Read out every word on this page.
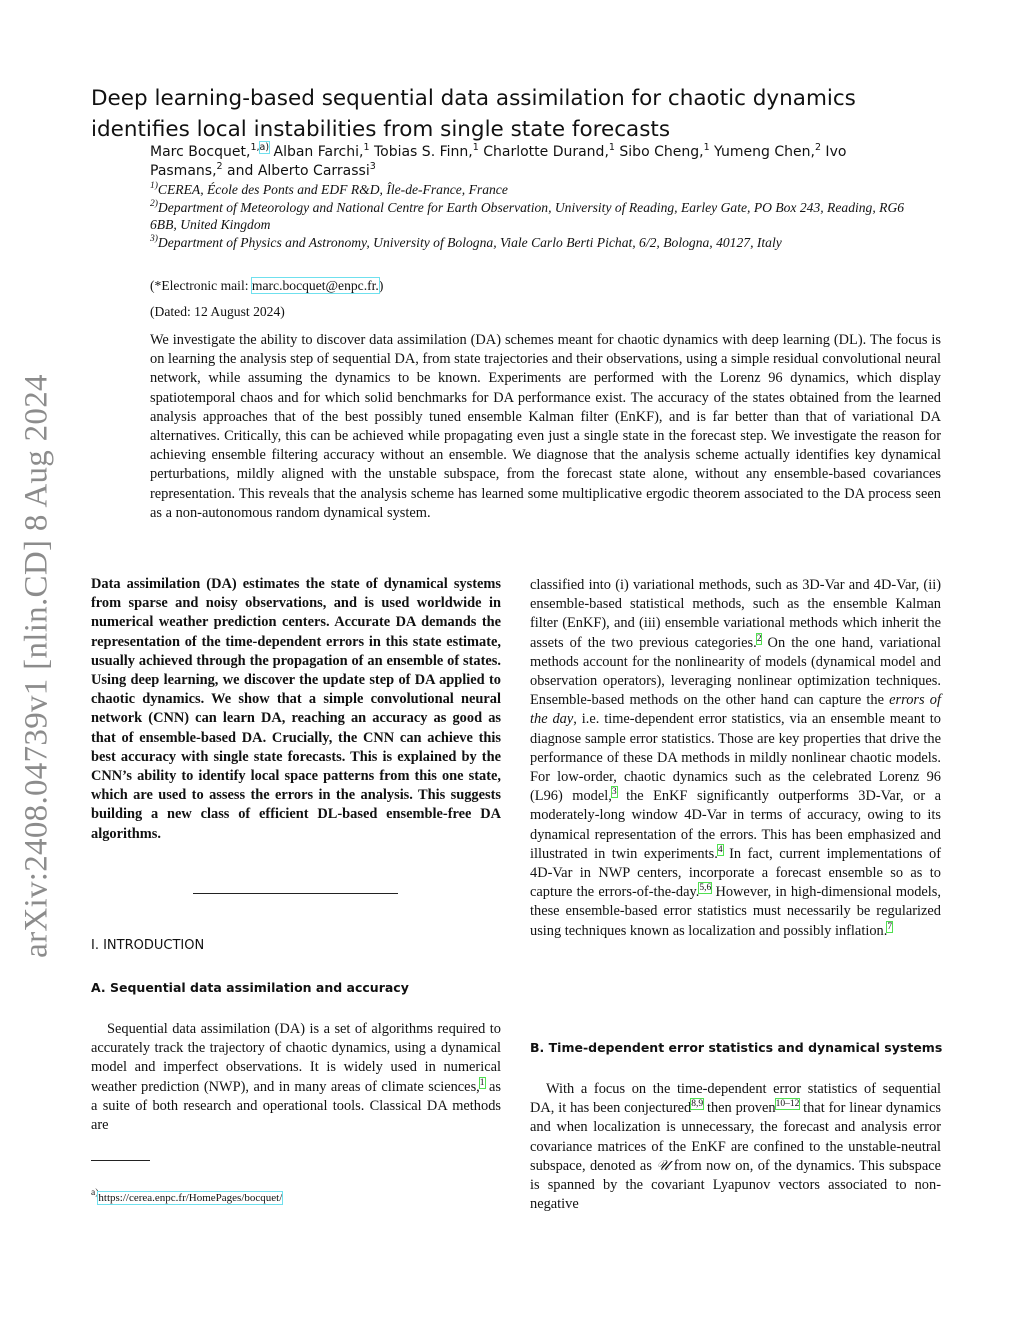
arXiv:2408.04739v1 [nlin.CD] 8 Aug 2024
Deep learning-based sequential data assimilation for chaotic dynamics identifies local instabilities from single state forecasts
Marc Bocquet,$^{1,a)}$ Alban Farchi,$^1$ Tobias S. Finn,$^1$ Charlotte Durand,$^1$ Sibo Cheng,$^1$ Yumeng Chen,$^2$ Ivo Pasmans,$^2$ and Alberto Carrassi$^3$

$^{1)}$CEREA, École des Ponts and EDF R&D, Île-de-France, France

$^{2)}$Department of Meteorology and National Centre for Earth Observation, University of Reading, Earley Gate, PO Box 243, Reading, RG6 6BB, United Kingdom

$^{3)}$Department of Physics and Astronomy, University of Bologna, Viale Carlo Berti Pichat, 6/2, Bologna, 40127, Italy

(*Electronic mail: marc.bocquet@enpc.fr.)
(Dated: 12 August 2024)

We investigate the ability to discover data assimilation (DA) schemes meant for chaotic dynamics with deep learning (DL). The focus is on learning the analysis step of sequential DA, from state trajectories and their observations, using a simple residual convolutional neural network, while assuming the dynamics to be known. Experiments are performed with the Lorenz 96 dynamics, which display spatiotemporal chaos and for which solid benchmarks for DA performance exist. The accuracy of the states obtained from the learned analysis approaches that of the best possibly tuned ensemble Kalman filter (EnKF), and is far better than that of variational DA alternatives. Critically, this can be achieved while propagating even just a single state in the forecast step. We investigate the reason for achieving ensemble filtering accuracy without an ensemble. We diagnose that the analysis scheme actually identifies key dynamical perturbations, mildly aligned with the unstable subspace, from the forecast state alone, without any ensemble-based covariances representation. This reveals that the analysis scheme has learned some multiplicative ergodic theorem associated to the DA process seen as a non-autonomous random dynamical system.

Data assimilation (DA) estimates the state of dynamical systems from sparse and noisy observations, and is used worldwide in numerical weather prediction centers. Accurate DA demands the representation of the time-dependent errors in this state estimate, usually achieved through the propagation of an ensemble of states. Using deep learning, we discover the update step of DA applied to chaotic dynamics. We show that a simple convolutional neural network (CNN) can learn DA, reaching an accuracy as good as that of ensemble-based DA. Crucially, the CNN can achieve this best accuracy with single state forecasts. This is explained by the CNN’s ability to identify local space patterns from this one state, which are used to assess the errors in the analysis. This suggests building a new class of efficient DL-based ensemble-free DA algorithms.

I. INTRODUCTION
A. Sequential data assimilation and accuracy

Sequential data assimilation (DA) is a set of algorithms required to accurately track the trajectory of chaotic dynamics, using a dynamical model and imperfect observations. It is widely used in numerical weather prediction (NWP), and in many areas of climate sciences,$^1$ as a suite of both research and operational tools. Classical DA methods are

$^{a)}$https://cerea.enpc.fr/HomePages/bocquet/

classified into (i) variational methods, such as 3D-Var and 4D-Var, (ii) ensemble-based statistical methods, such as the ensemble Kalman filter (EnKF), and (iii) ensemble variational methods which inherit the assets of the two previous categories.$^2$ On the one hand, variational methods account for the nonlinearity of models (dynamical model and observation operators), leveraging nonlinear optimization techniques. Ensemble-based methods on the other hand can capture the errors of the day, i.e. time-dependent error statistics, via an ensemble meant to diagnose sample error statistics. Those are key properties that drive the performance of these DA methods in mildly nonlinear chaotic models. For low-order, chaotic dynamics such as the celebrated Lorenz 96 (L96) model,$^3$ the EnKF significantly outperforms 3D-Var, or a moderately-long window 4D-Var in terms of accuracy, owing to its dynamical representation of the errors. This has been emphasized and illustrated in twin experiments.$^4$ In fact, current implementations of 4D-Var in NWP centers, incorporate a forecast ensemble so as to capture the errors-of-the-day.$^{5,6}$ However, in high-dimensional models, these ensemble-based error statistics must necessarily be regularized using techniques known as localization and possibly inflation.$^7$

B. Time-dependent error statistics and dynamical systems

With a focus on the time-dependent error statistics of sequential DA, it has been conjectured$^{8,9}$ then proven$^{10-12}$ that for linear dynamics and when localization is unnecessary, the forecast and analysis error covariance matrices of the EnKF are confined to the unstable-neutral subspace, denoted as 𝒰 from now on, of the dynamics. This subspace is spanned by the covariant Lyapunov vectors associated to non-negative
